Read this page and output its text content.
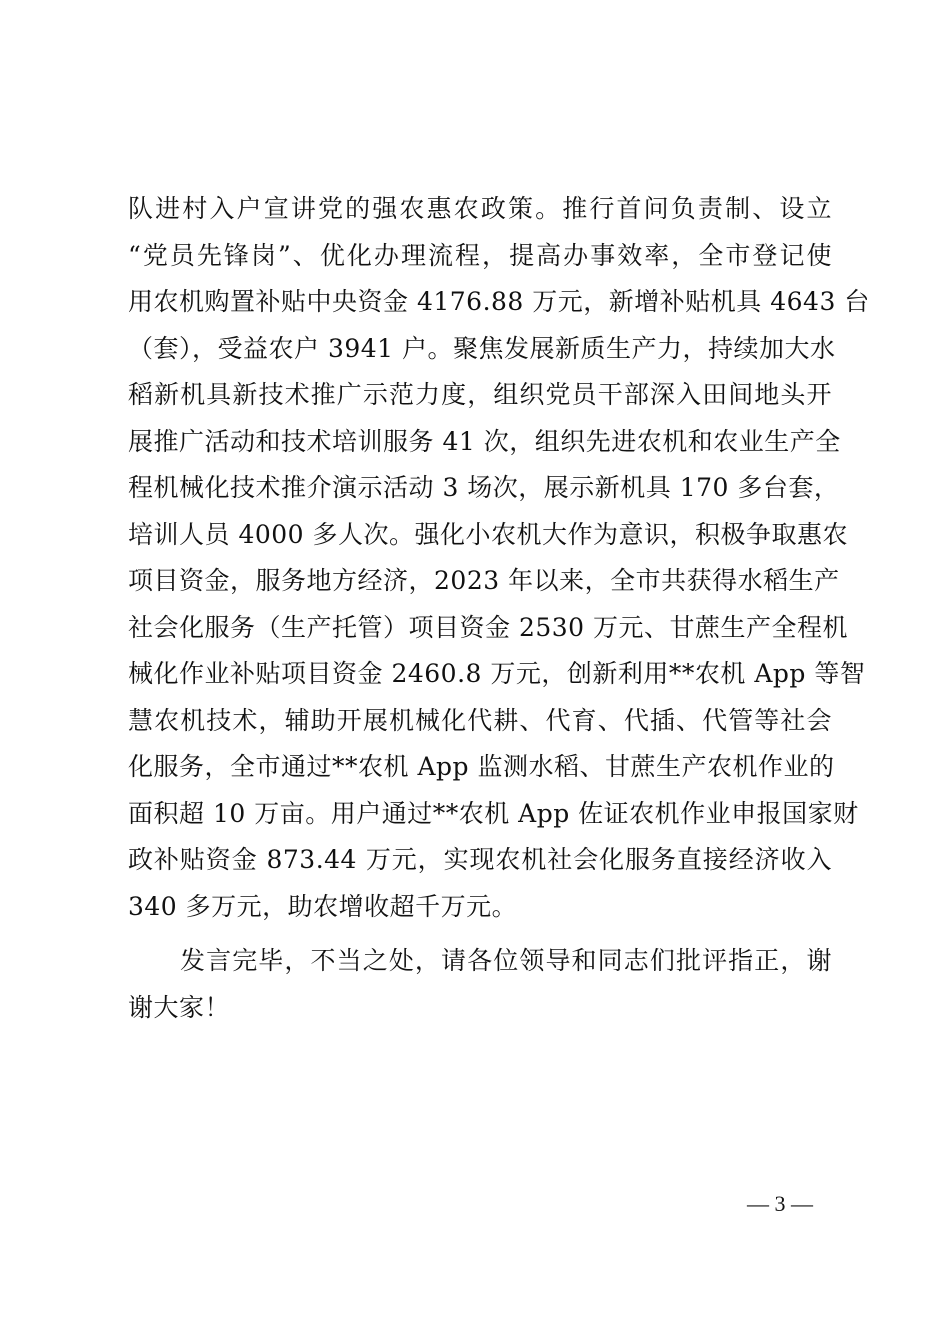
队进村入户宣讲党的强农惠农政策。推行首问负责制、设立
“党员先锋岗”、优化办理流程，提高办事效率，全市登记使
用农机购置补贴中央资金 4176.88 万元，新增补贴机具 4643 台
（套），受益农户 3941 户。聚焦发展新质生产力，持续加大水
稻新机具新技术推广示范力度，组织党员干部深入田间地头开
展推广活动和技术培训服务 41 次，组织先进农机和农业生产全
程机械化技术推介演示活动 3 场次，展示新机具 170 多台套，
培训人员 4000 多人次。强化小农机大作为意识，积极争取惠农
项目资金，服务地方经济，2023 年以来，全市共获得水稻生产
社会化服务（生产托管）项目资金 2530 万元、甘蔗生产全程机
械化作业补贴项目资金 2460.8 万元，创新利用**农机 App 等智
慧农机技术，辅助开展机械化代耕、代育、代插、代管等社会
化服务，全市通过**农机 App 监测水稻、甘蔗生产农机作业的
面积超 10 万亩。用户通过**农机 App 佐证农机作业申报国家财
政补贴资金 873.44 万元，实现农机社会化服务直接经济收入
340 多万元，助农增收超千万元。
发言完毕，不当之处，请各位领导和同志们批评指正，谢
谢大家！
— 3 —
